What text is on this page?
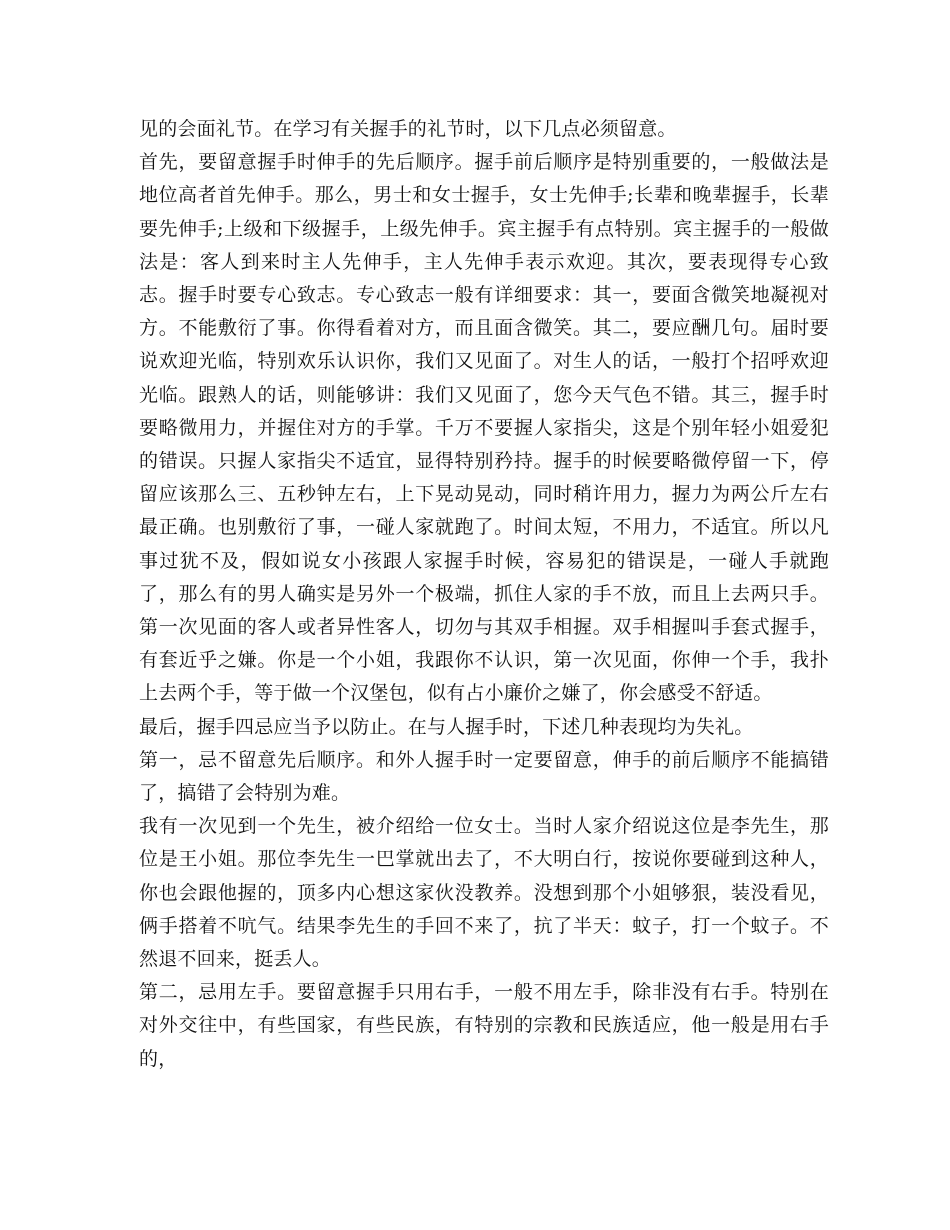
见的会面礼节。在学习有关握手的礼节时，以下几点必须留意。

首先，要留意握手时伸手的先后顺序。握手前后顺序是特别重要的，一般做法是地位高者首先伸手。那么，男士和女士握手，女士先伸手;长辈和晚辈握手，长辈要先伸手;上级和下级握手，上级先伸手。宾主握手有点特别。宾主握手的一般做法是：客人到来时主人先伸手，主人先伸手表示欢迎。其次，要表现得专心致志。握手时要专心致志。专心致志一般有详细要求：其一，要面含微笑地凝视对方。不能敷衍了事。你得看着对方，而且面含微笑。其二，要应酬几句。届时要说欢迎光临，特别欢乐认识你，我们又见面了。对生人的话，一般打个招呼欢迎光临。跟熟人的话，则能够讲：我们又见面了，您今天气色不错。其三，握手时要略微用力，并握住对方的手掌。千万不要握人家指尖，这是个别年轻小姐爱犯的错误。只握人家指尖不适宜，显得特别矜持。握手的时候要略微停留一下，停留应该那么三、五秒钟左右，上下晃动晃动，同时稍许用力，握力为两公斤左右最正确。也别敷衍了事，一碰人家就跑了。时间太短，不用力，不适宜。所以凡事过犹不及，假如说女小孩跟人家握手时候，容易犯的错误是，一碰人手就跑了，那么有的男人确实是另外一个极端，抓住人家的手不放，而且上去两只手。第一次见面的客人或者异性客人，切勿与其双手相握。双手相握叫手套式握手，有套近乎之嫌。你是一个小姐，我跟你不认识，第一次见面，你伸一个手，我扑上去两个手，等于做一个汉堡包，似有占小廉价之嫌了，你会感受不舒适。

最后，握手四忌应当予以防止。在与人握手时，下述几种表现均为失礼。

第一，忌不留意先后顺序。和外人握手时一定要留意，伸手的前后顺序不能搞错了，搞错了会特别为难。

我有一次见到一个先生，被介绍给一位女士。当时人家介绍说这位是李先生，那位是王小姐。那位李先生一巴掌就出去了，不大明白行，按说你要碰到这种人，你也会跟他握的，顶多内心想这家伙没教养。没想到那个小姐够狠，装没看见，俩手搭着不吭气。结果李先生的手回不来了，抗了半天：蚊子，打一个蚊子。不然退不回来，挺丢人。

第二，忌用左手。要留意握手只用右手，一般不用左手，除非没有右手。特别在对外交往中，有些国家，有些民族，有特别的宗教和民族适应，他一般是用右手的，
